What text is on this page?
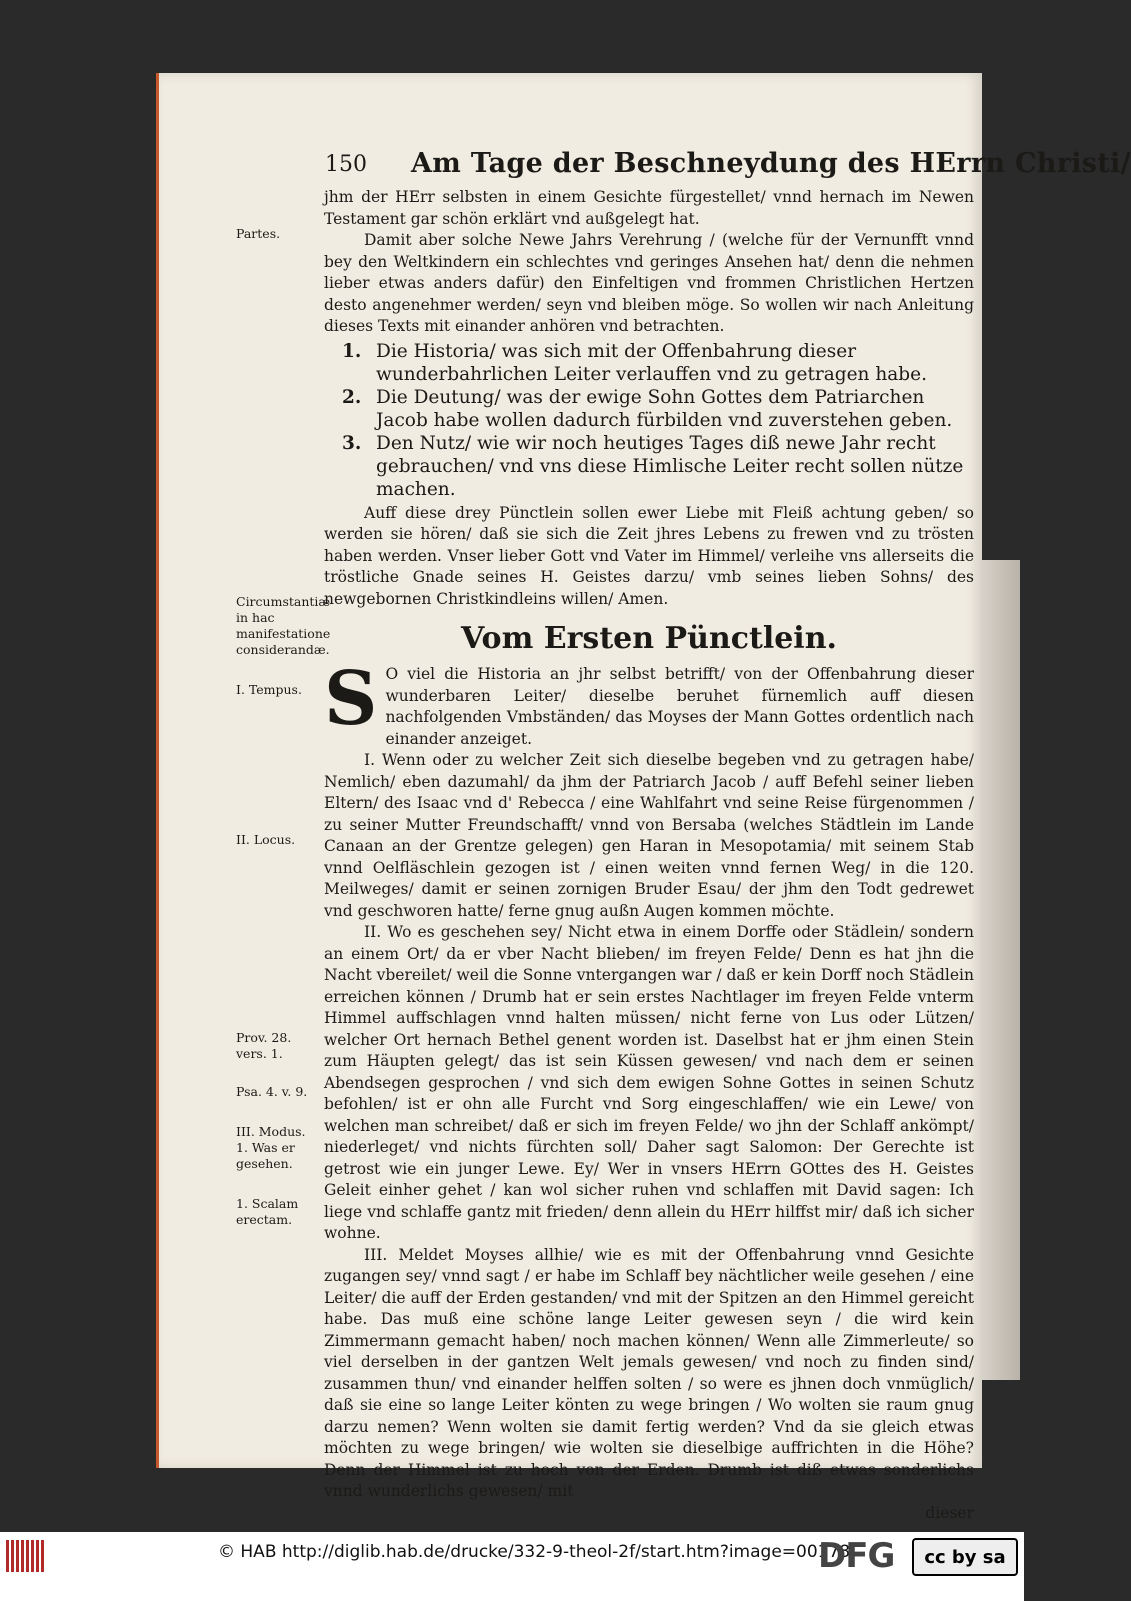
150 Am Tage der Beschneydung des HErrn Christi/
Partes.
Circumstantiæ in hac manifestatione considerandæ.
I. Tempus.
II. Locus.
Prov. 28. vers. 1.
Psa. 4. v. 9.
III. Modus. 1. Was er gesehen.
1. Scalam erectam.

jhm der HErr selbsten in einem Gesichte fürgestellet/ vnnd hernach im Newen Testament gar schön erklärt vnd außgelegt hat.

Damit aber solche Newe Jahrs Verehrung / (welche für der Vernunfft vnnd bey den Weltkindern ein schlechtes vnd geringes Ansehen hat/ denn die nehmen lieber etwas anders dafür) den Einfeltigen vnd frommen Christlichen Hertzen desto angenehmer werden/ seyn vnd bleiben möge. So wollen wir nach Anleitung dieses Texts mit einander anhören vnd betrachten.

1. Die Historia/ was sich mit der Offenbahrung dieser wunderbahrlichen Leiter verlauffen vnd zu getragen habe.
2. Die Deutung/ was der ewige Sohn Gottes dem Patriarchen Jacob habe wollen dadurch fürbilden vnd zuverstehen geben.
3. Den Nutz/ wie wir noch heutiges Tages diß newe Jahr recht gebrauchen/ vnd vns diese Himlische Leiter recht sollen nütze machen.

Auff diese drey Pünctlein sollen ewer Liebe mit Fleiß achtung geben/ so werden sie hören/ daß sie sich die Zeit jhres Lebens zu frewen vnd zu trösten haben werden. Vnser lieber Gott vnd Vater im Himmel/ verleihe vns allerseits die tröstliche Gnade seines H. Geistes darzu/ vmb seines lieben Sohns/ des newgebornen Christkindleins willen/ Amen.

Vom Ersten Pünctlein.

S O viel die Historia an jhr selbst betrifft/ von der Offenbahrung dieser wunderbaren Leiter/ dieselbe beruhet fürnemlich auff diesen nachfolgenden Vmbständen/ das Moyses der Mann Gottes ordentlich nach einander anzeiget.

I. Wenn oder zu welcher Zeit sich dieselbe begeben vnd zu getragen habe/ Nemlich/ eben dazumahl/ da jhm der Patriarch Jacob / auff Befehl seiner lieben Eltern/ des Isaac vnd d' Rebecca / eine Wahlfahrt vnd seine Reise fürgenommen / zu seiner Mutter Freundschafft/ vnnd von Bersaba (welches Städtlein im Lande Canaan an der Grentze gelegen) gen Haran in Mesopotamia/ mit seinem Stab vnnd Oelfläschlein gezogen ist / einen weiten vnnd fernen Weg/ in die 120. Meilweges/ damit er seinen zornigen Bruder Esau/ der jhm den Todt gedrewet vnd geschworen hatte/ ferne gnug außn Augen kommen möchte.

II. Wo es geschehen sey/ Nicht etwa in einem Dorffe oder Städlein/ sondern an einem Ort/ da er vber Nacht blieben/ im freyen Felde/ Denn es hat jhn die Nacht vbereilet/ weil die Sonne vntergangen war / daß er kein Dorff noch Städlein erreichen können / Drumb hat er sein erstes Nachtlager im freyen Felde vnterm Himmel auffschlagen vnnd halten müssen/ nicht ferne von Lus oder Lützen/ welcher Ort hernach Bethel genent worden ist. Daselbst hat er jhm einen Stein zum Häupten gelegt/ das ist sein Küssen gewesen/ vnd nach dem er seinen Abendsegen gesprochen / vnd sich dem ewigen Sohne Gottes in seinen Schutz befohlen/ ist er ohn alle Furcht vnd Sorg eingeschlaffen/ wie ein Lewe/ von welchen man schreibet/ daß er sich im freyen Felde/ wo jhn der Schlaff ankömpt/ niederleget/ vnd nichts fürchten soll/ Daher sagt Salomon: Der Gerechte ist getrost wie ein junger Lewe. Ey/ Wer in vnsers HErrn GOttes des H. Geistes Geleit einher gehet / kan wol sicher ruhen vnd schlaffen mit David sagen: Ich liege vnd schlaffe gantz mit frieden/ denn allein du HErr hilffst mir/ daß ich sicher wohne.

III. Meldet Moyses allhie/ wie es mit der Offenbahrung vnnd Gesichte zugangen sey/ vnnd sagt / er habe im Schlaff bey nächtlicher weile gesehen / eine Leiter/ die auff der Erden gestanden/ vnd mit der Spitzen an den Himmel gereicht habe. Das muß eine schöne lange Leiter gewesen seyn / die wird kein Zimmermann gemacht haben/ noch machen können/ Wenn alle Zimmerleute/ so viel derselben in der gantzen Welt jemals gewesen/ vnd noch zu finden sind/ zusammen thun/ vnd einander helffen solten / so were es jhnen doch vnmüglich/ daß sie eine so lange Leiter könten zu wege bringen / Wo wolten sie raum gnug darzu nemen? Wenn wolten sie damit fertig werden? Vnd da sie gleich etwas möchten zu wege bringen/ wie wolten sie dieselbige auffrichten in die Höhe? Denn der Himmel ist zu hoch von der Erden. Drumb ist diß etwas sonderlichs vnnd wunderlichs gewesen/ mit

dieser

© HAB http://diglib.hab.de/drucke/332-9-theol-2f/start.htm?image=00178
DFG cc by sa
